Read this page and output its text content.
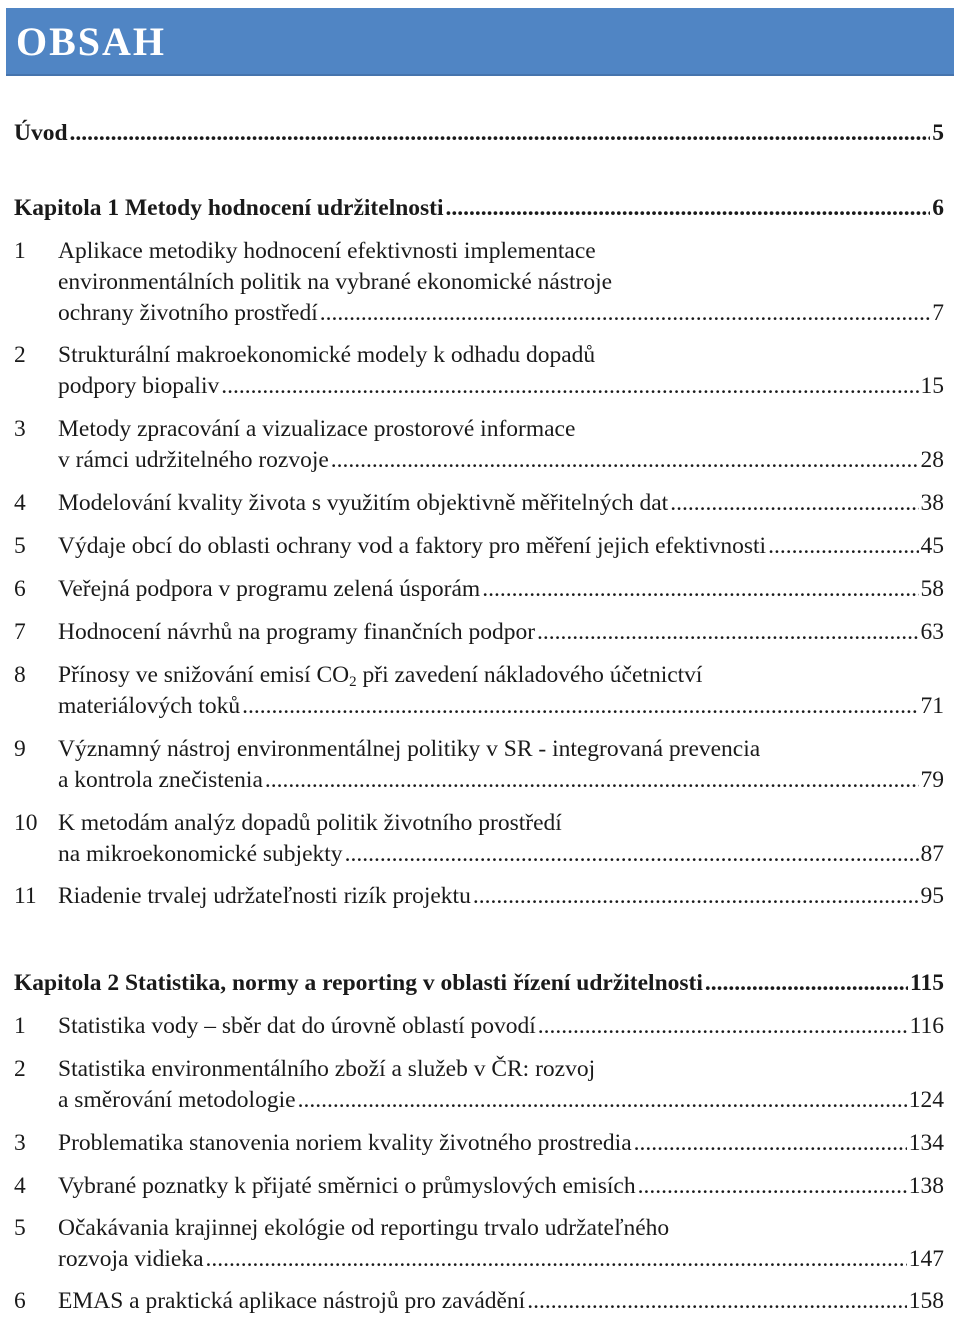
OBSAH
Úvod .....	5
Kapitola 1 Metody hodnocení udržitelnosti .....	6
1	Aplikace metodiky hodnocení efektivnosti implementace
environmentálních politik na vybrané ekonomické nástroje
ochrany životního prostředí .....	7
2	Strukturální makroekonomické modely k odhadu dopadů
podpory biopaliv .....	15
3	Metody zpracování a vizualizace prostorové informace
v rámci udržitelného rozvoje .....	28
4	Modelování kvality života s využitím objektivně měřitelných dat .....	38
5	Výdaje obcí do oblasti ochrany vod a faktory pro měření jejich efektivnosti .....	45
6	Veřejná podpora v programu zelená úsporám .....	58
7	Hodnocení návrhů na programy finančních podpor .....	63
8	Přínosy ve snižování emisí $CO_2$ při zavedení nákladového účetnictví
materiálových toků .....	71
9	Významný nástroj environmentálnej politiky v SR - integrovaná prevencia
a kontrola znečistenia .....	79
10 K metodám analýz dopadů politik životního prostředí
na mikroekonomické subjekty .....	87
11 Riadenie trvalej udržateľnosti rizík projektu .....	95
Kapitola 2 Statistika, normy a reporting v oblasti řízení udržitelnosti .....	115
1	Statistika vody – sběr dat do úrovně oblastí povodí .....	116
2	Statistika environmentálního zboží a služeb v ČR: rozvoj
a směrování metodologie .....	124
3	Problematika stanovenia noriem kvality životného prostredia .....	134
4	Vybrané poznatky k přijaté směrnici o průmyslových emisích .....	138
5	Očakávania krajinnej ekológie od reportingu trvalo udržateľného
rozvoja vidieka .....	147
6	EMAS a praktická aplikace nástrojů pro zavádění .....	158
